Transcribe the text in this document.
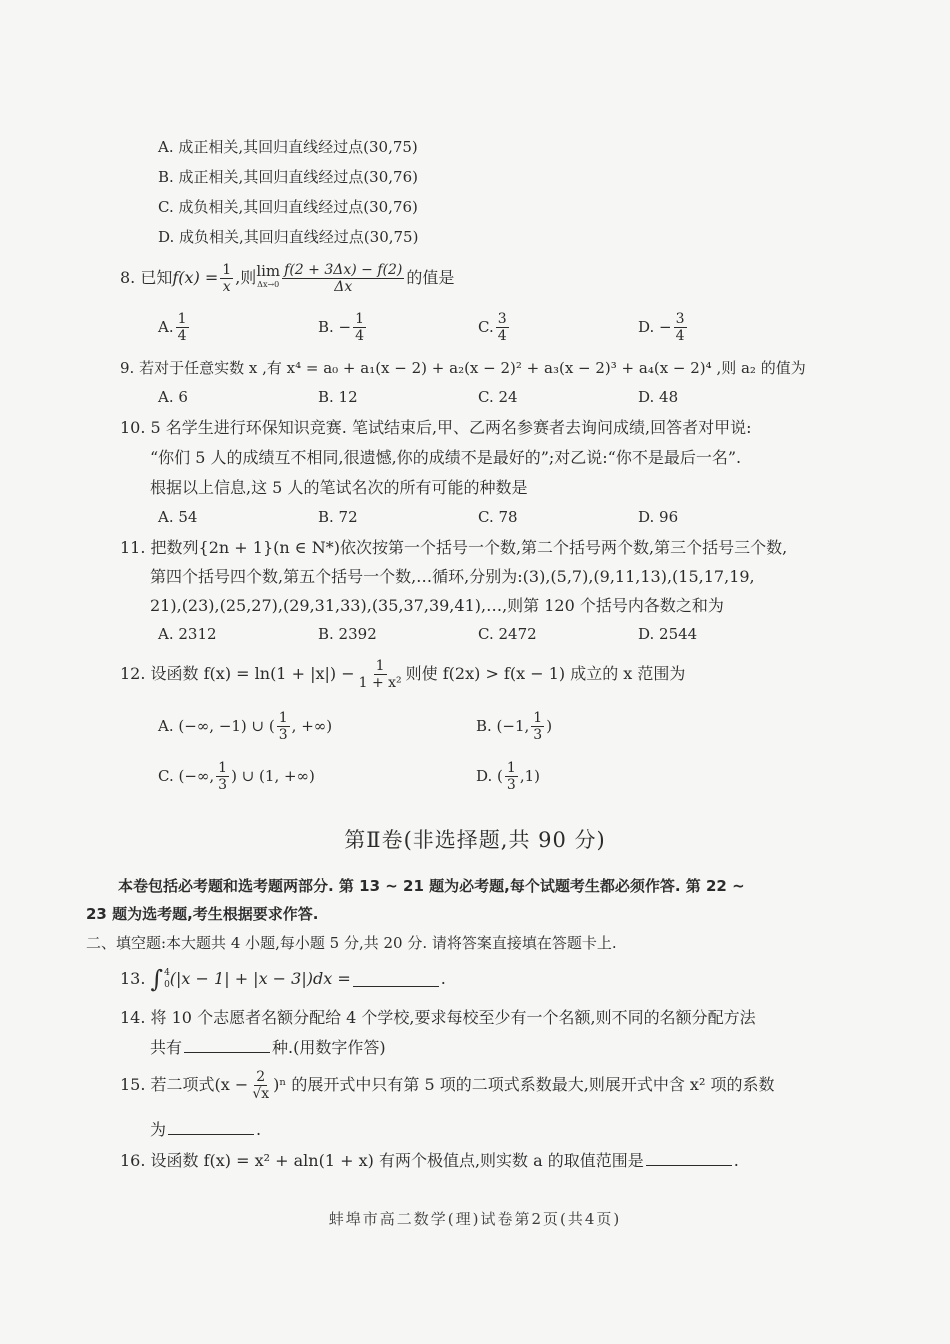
A. 成正相关,其回归直线经过点(30,75)
B. 成正相关,其回归直线经过点(30,76)
C. 成负相关,其回归直线经过点(30,76)
D. 成负相关,其回归直线经过点(30,75)
8.
已知 $f(x) = \frac{1}{x}$ ,则 lim
$\Delta x\to 0 \frac{f(2 + 3\Delta x) - f(2)}{\Delta x}$ 的值是
A. $\frac{1}{4}$	B. − $\frac{1}{4}$	C. $\frac{3}{4}$	D. − $\frac{3}{4}$
9. 若对于任意实数 x ,有 x⁴ = a₀ + a₁(x − 2) + a₂(x − 2)² + a₃(x − 2)³ + a₄(x − 2)⁴ ,则 a₂ 的值为
A. 6	B. 12	C. 24	D. 48
10. 5 名学生进行环保知识竞赛. 笔试结束后,甲、乙两名参赛者去询问成绩,回答者对甲说:
“你们 5 人的成绩互不相同,很遗憾,你的成绩不是最好的”;对乙说:“你不是最后一名”.
根据以上信息,这 5 人的笔试名次的所有可能的种数是
A. 54	B. 72	C. 78	D. 96
11. 把数列{2n + 1}(n ∈ N*)依次按第一个括号一个数,第二个括号两个数,第三个括号三个数,
第四个括号四个数,第五个括号一个数,…循环,分别为:(3),(5,7),(9,11,13),(15,17,19,
21),(23),(25,27),(29,31,33),(35,37,39,41),…,则第 120 个括号内各数之和为
A. 2312	B. 2392	C. 2472	D. 2544
12.
设函数 $f(x) = \ln(1 + |x|) - \frac{1}{\text{1 + x²}}$ 则使 f(2x) > f(x − 1) 成立的 x 范围为
A. (−∞, −1) ∪ ( $\frac{1}{3}$ , +∞)	B. (−1, $\frac{1}{3}$ )
C. (−∞, $\frac{1}{3}$ ) ∪ (1, +∞)	D. ( $\frac{1}{3} ,1$)
第Ⅱ卷(非选择题,共 90 分)
本卷包括必考题和选考题两部分. 第 13 ~ 21 题为必考题,每个试题考生都必须作答. 第 22 ~
23 题为选考题,考生根据要求作答.
二、填空题:本大题共 4 小题,每小题 5 分,共 20 分. 请将答案直接填在答题卡上.
13.
∫ 4
0 (|x − 1| + |x − 3|)dx =	.
14. 将 10 个志愿者名额分配给 4 个学校,要求每校至少有一个名额,则不同的名额分配方法
共有	种.(用数字作答)
15.
若二项式$(x - \frac{2}{√x} )^n$ 的展开式中只有第 5 项的二项式系数最大,则展开式中含 x² 项的系数
为	.
16. 设函数 f(x) = x² + aln(1 + x) 有两个极值点,则实数 a 的取值范围是	.
蚌埠市高二数学(理)试卷第2页(共4页)
